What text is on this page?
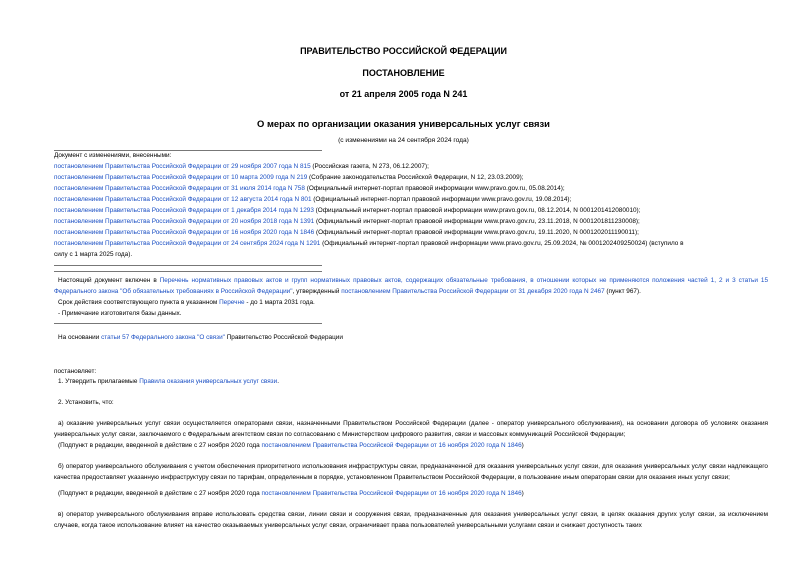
ПРАВИТЕЛЬСТВО РОССИЙСКОЙ ФЕДЕРАЦИИ
ПОСТАНОВЛЕНИЕ
от 21 апреля 2005 года N 241
О мерах по организации оказания универсальных услуг связи
(с изменениями на 24 сентября 2024 года)
Документ с изменениями, внесенными:
постановлением Правительства Российской Федерации от 29 ноября 2007 года N 815 (Российская газета, N 273, 06.12.2007);
постановлением Правительства Российской Федерации от 10 марта 2009 года N 219 (Собрание законодательства Российской Федерации, N 12, 23.03.2009);
постановлением Правительства Российской Федерации от 31 июля 2014 года N 758 (Официальный интернет-портал правовой информации www.pravo.gov.ru, 05.08.2014);
постановлением Правительства Российской Федерации от 12 августа 2014 года N 801 (Официальный интернет-портал правовой информации www.pravo.gov.ru, 19.08.2014);
постановлением Правительства Российской Федерации от 1 декабря 2014 года N 1293 (Официальный интернет-портал правовой информации www.pravo.gov.ru, 08.12.2014, N 0001201412080010);
постановлением Правительства Российской Федерации от 20 ноября 2018 года N 1391 (Официальный интернет-портал правовой информации www.pravo.gov.ru, 23.11.2018, N 0001201811230008);
постановлением Правительства Российской Федерации от 16 ноября 2020 года N 1846 (Официальный интернет-портал правовой информации www.pravo.gov.ru, 19.11.2020, N 0001202011190011);
постановлением Правительства Российской Федерации от 24 сентября 2024 года N 1291 (Официальный интернет-портал правовой информации www.pravo.gov.ru, 25.09.2024, № 0001202409250024) (вступило в
силу с 1 марта 2025 года).
Настоящий документ включен в Перечень нормативных правовых актов и групп нормативных правовых актов, содержащих обязательные требования, в отношении которых не применяются положения частей 1, 2 и 3 статьи 15 Федерального закона "Об обязательных требованиях в Российской Федерации", утвержденный постановлением Правительства Российской Федерации от 31 декабря 2020 года N 2467 (пункт 967).
Срок действия соответствующего пункта в указанном Перечне - до 1 марта 2031 года.
- Примечание изготовителя базы данных.
На основании статьи 57 Федерального закона "О связи" Правительство Российской Федерации
постановляет:
1. Утвердить прилагаемые Правила оказания универсальных услуг связи.
2. Установить, что:
а) оказание универсальных услуг связи осуществляется операторами связи, назначенными Правительством Российской Федерации (далее - оператор универсального обслуживания), на основании договора об условиях оказания универсальных услуг связи, заключаемого с Федеральным агентством связи по согласованию с Министерством цифрового развития, связи и массовых коммуникаций Российской Федерации;
(Подпункт в редакции, введенной в действие с 27 ноября 2020 года постановлением Правительства Российской Федерации от 16 ноября 2020 года N 1846)
б) оператор универсального обслуживания с учетом обеспечения приоритетного использования инфраструктуры связи, предназначенной для оказания универсальных услуг связи, для оказания универсальных услуг связи надлежащего качества предоставляет указанную инфраструктуру связи по тарифам, определенным в порядке, установленном Правительством Российской Федерации, в пользование иным операторам связи для оказания иных услуг связи;
(Подпункт в редакции, введенной в действие с 27 ноября 2020 года постановлением Правительства Российской Федерации от 16 ноября 2020 года N 1846)
в) оператор универсального обслуживания вправе использовать средства связи, линии связи и сооружения связи, предназначенные для оказания универсальных услуг связи, в целях оказания других услуг связи, за исключением случаев, когда такое использование влияет на качество оказываемых универсальных услуг связи, ограничивает права пользователей универсальными услугами связи и снижает доступность таких
